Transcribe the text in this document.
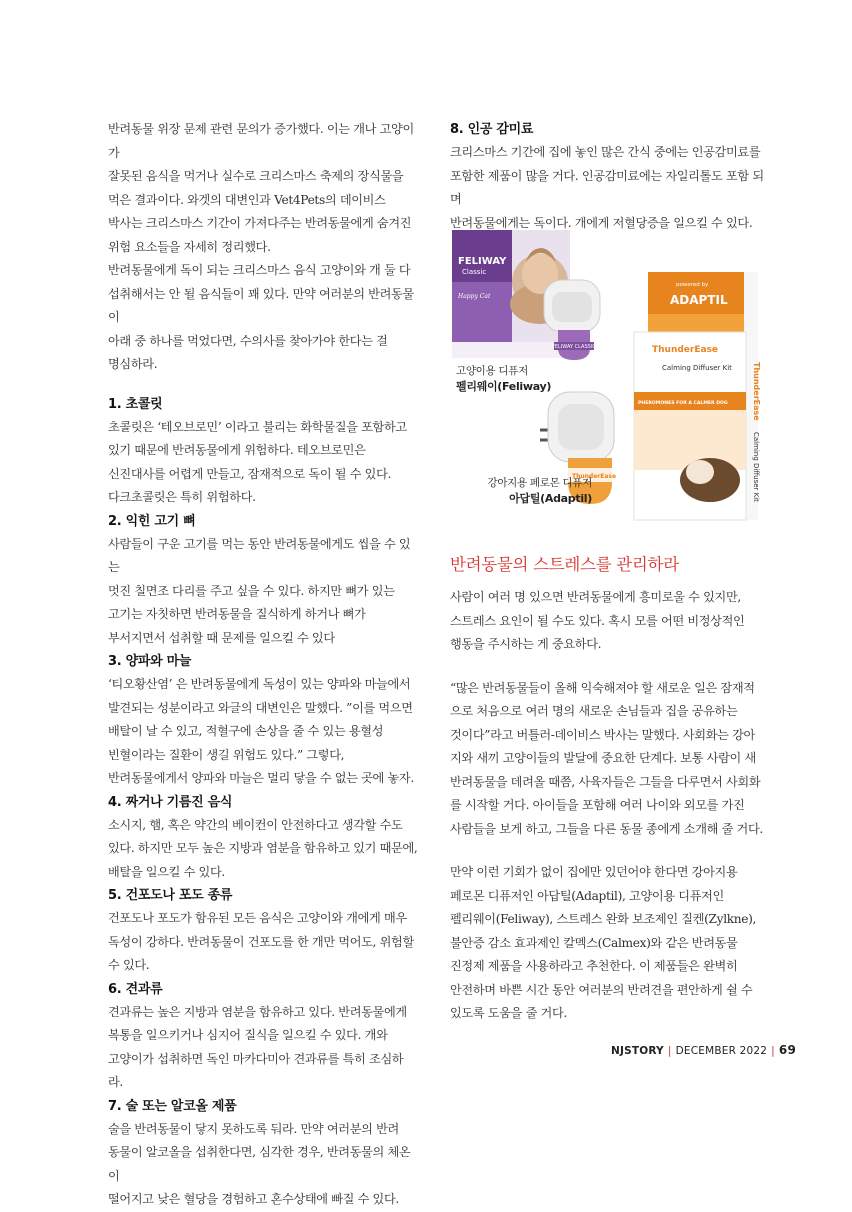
반려동물 위장 문제 관련 문의가 증가했다. 이는 개나 고양이가
잘못된 음식을 먹거나 실수로 크리스마스 축제의 장식물을
먹은 결과이다. 와겟의 대변인과 Vet4Pets의 데이비스
박사는 크리스마스 기간이 가져다주는 반려동물에게 숨겨진
위험 요소들을 자세히 정리했다.
반려동물에게 독이 되는 크리스마스 음식 고양이와 개 둘 다
섭취해서는 안 될 음식들이 꽤 있다. 만약 여러분의 반려동물이
아래 중 하나를 먹었다면, 수의사를 찾아가야 한다는 걸
명심하라.

1. 초콜릿

초콜릿은 ‘테오브로민’ 이라고 불리는 화학물질을 포함하고
있기 때문에 반려동물에게 위험하다. 테오브로민은
신진대사를 어렵게 만들고, 잠재적으로 독이 될 수 있다.
다크초콜릿은 특히 위험하다.

2. 익힌 고기 뼈

사람들이 구운 고기를 먹는 동안 반려동물에게도 씹을 수 있는
멋진 칠면조 다리를 주고 싶을 수 있다. 하지만 뼈가 있는
고기는 자칫하면 반려동물을 질식하게 하거나 뼈가
부서지면서 섭취할 때 문제를 일으킬 수 있다

3. 양파와 마늘

‘티오황산염’ 은 반려동물에게 독성이 있는 양파와 마늘에서
발견되는 성분이라고 와글의 대변인은 말했다. ”이를 먹으면
배탈이 날 수 있고, 적혈구에 손상을 줄 수 있는 용혈성
빈혈이라는 질환이 생길 위험도 있다.” 그렇다,
반려동물에게서 양파와 마늘은 멀리 닿을 수 없는 곳에 놓자.

4. 짜거나 기름진 음식

소시지, 햄, 혹은 약간의 베이컨이 안전하다고 생각할 수도
있다. 하지만 모두 높은 지방과 염분을 함유하고 있기 때문에,
배탈을 일으킬 수 있다.

5. 건포도나 포도 종류

건포도나 포도가 함유된 모든 음식은 고양이와 개에게 매우
독성이 강하다. 반려동물이 건포도를 한 개만 먹어도, 위험할
수 있다.

6. 견과류

견과류는 높은 지방과 염분을 함유하고 있다. 반려동물에게
복통을 일으키거나 심지어 질식을 일으킬 수 있다. 개와
고양이가 섭취하면 독인 마카다미아 견과류를 특히 조심하라.

7. 술 또는 알코올 제품

술을 반려동물이 닿지 못하도록 둬라. 만약 여러분의 반려
동물이 알코올을 섭취한다면, 심각한 경우, 반려동물의 체온이
떨어지고 낮은 혈당을 경험하고 혼수상태에 빠질 수 있다.

8. 인공 감미료

크리스마스 기간에 집에 놓인 많은 간식 중에는 인공감미료를
포함한 제품이 많을 거다. 인공감미료에는 자일리톨도 포함 되며
반려동물에게는 독이다. 개에게 저혈당증을 일으킬 수 있다.

FELIWAY
Classic
Happy Cat
FELIWAY CLASSIC
powered by
ADAPTIL
ThunderEase
Calming Diffuser Kit
PHEROMONES FOR A CALMER DOG	ThunderEase
Calming Diffuser Kit
ThunderEase
고양이용 디퓨저
펠리웨이(Feliway)
강아지용 페로몬 디퓨저
아답틸(Adaptil)
반려동물의 스트레스를 관리하라

사람이 여러 명 있으면 반려동물에게 흥미로울 수 있지만,
스트레스 요인이 될 수도 있다. 혹시 모를 어떤 비정상적인
행동을 주시하는 게 중요하다.

“많은 반려동물들이 올해 익숙해져야 할 새로운 일은 잠재적
으로 처음으로 여러 명의 새로운 손님들과 집을 공유하는
것이다”라고 버틀러-데이비스 박사는 말했다. 사회화는 강아
지와 새끼 고양이들의 발달에 중요한 단계다. 보통 사람이 새
반려동물을 데려올 때쯤, 사육자들은 그들을 다루면서 사회화
를 시작할 거다. 아이들을 포함해 여러 나이와 외모를 가진
사람들을 보게 하고, 그들을 다른 동물 종에게 소개해 줄 거다.

만약 이런 기회가 없이 집에만 있던어야 한다면 강아지용
페로몬 디퓨저인 아답틸(Adaptil), 고양이용 디퓨저인
펠리웨이(Feliway), 스트레스 완화 보조제인 질켄(Zylkne),
불안증 감소 효과제인 칼멕스(Calmex)와 같은 반려동물
진정제 제품을 사용하라고 추천한다. 이 제품들은 완벽히
안전하며 바쁜 시간 동안 여러분의 반려견을 편안하게 쉴 수
있도록 도움을 줄 거다.

NJSTORY | DECEMBER 2022 | 69
